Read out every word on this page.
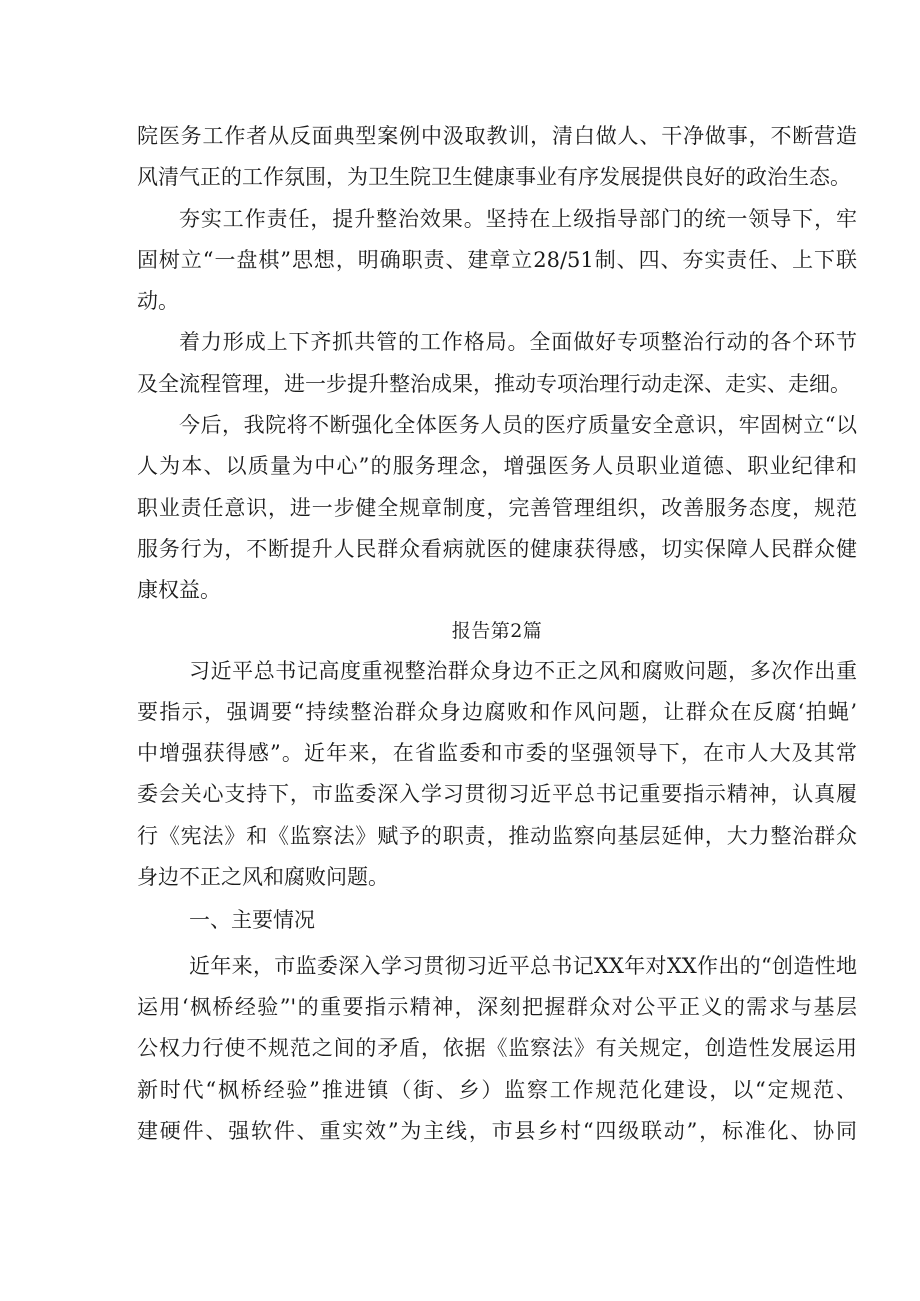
院医务工作者从反面典型案例中汲取教训，清白做人、干净做事，不断营造
风清气正的工作氛围，为卫生院卫生健康事业有序发展提供良好的政治生态。
夯实工作责任，提升整治效果。坚持在上级指导部门的统一领导下，牢
固树立“一盘棋”思想，明确职责、建章立28/51制、四、夯实责任、上下联
动。
着力形成上下齐抓共管的工作格局。全面做好专项整治行动的各个环节
及全流程管理，进一步提升整治成果，推动专项治理行动走深、走实、走细。
今后，我院将不断强化全体医务人员的医疗质量安全意识，牢固树立“以
人为本、以质量为中心”的服务理念，增强医务人员职业道德、职业纪律和
职业责任意识，进一步健全规章制度，完善管理组织，改善服务态度，规范
服务行为，不断提升人民群众看病就医的健康获得感，切实保障人民群众健
康权益。
报告第2篇
习近平总书记高度重视整治群众身边不正之风和腐败问题，多次作出重
要指示，强调要“持续整治群众身边腐败和作风问题，让群众在反腐‘拍蝇’
中增强获得感”。近年来，在省监委和市委的坚强领导下，在市人大及其常
委会关心支持下，市监委深入学习贯彻习近平总书记重要指示精神，认真履
行《宪法》和《监察法》赋予的职责，推动监察向基层延伸，大力整治群众
身边不正之风和腐败问题。
一、主要情况
近年来，市监委深入学习贯彻习近平总书记XX年对XX作出的“创造性地
运用‘枫桥经验”'的重要指示精神，深刻把握群众对公平正义的需求与基层
公权力行使不规范之间的矛盾，依据《监察法》有关规定，创造性发展运用
新时代“枫桥经验”推进镇（街、乡）监察工作规范化建设，以“定规范、
建硬件、强软件、重实效”为主线，市县乡村“四级联动”，标准化、协同
